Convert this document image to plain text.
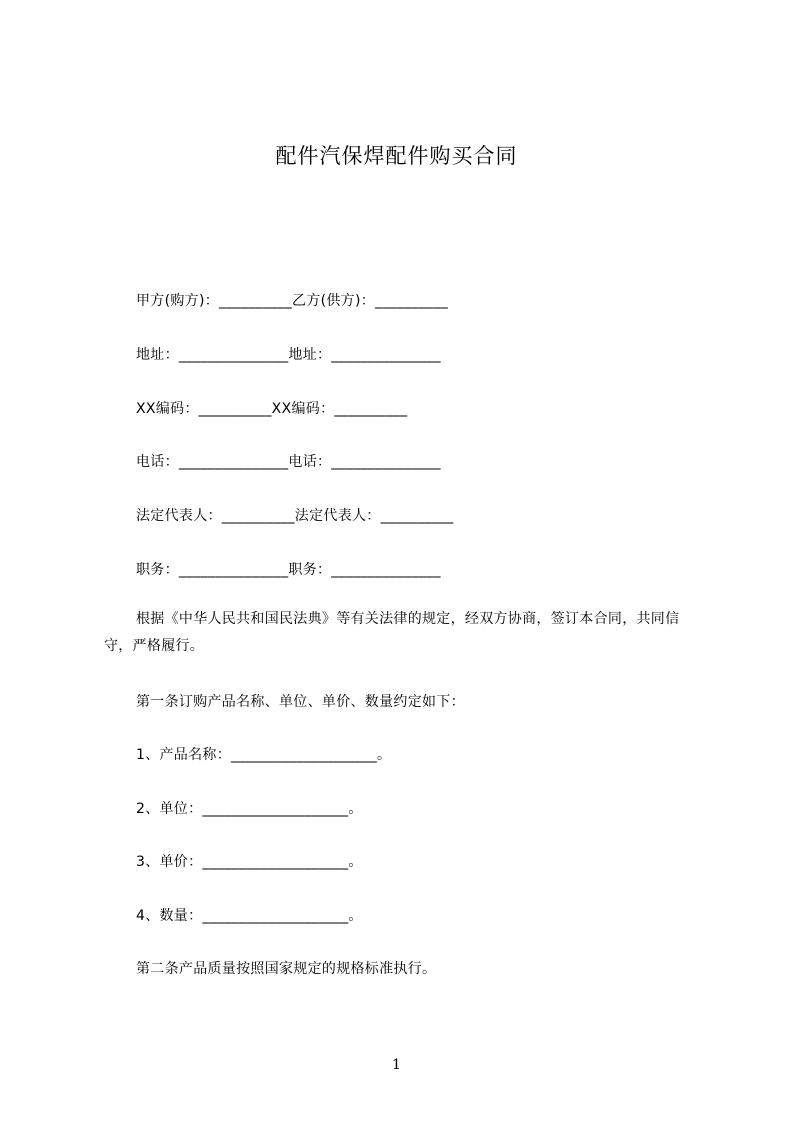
配件汽保焊配件购买合同
甲方(购方)：__________乙方(供方)：__________
地址：_______________地址：_______________
XX编码：__________XX编码：__________
电话：_______________电话：_______________
法定代表人：__________法定代表人：__________
职务：_______________职务：_______________
根据《中华人民共和国民法典》等有关法律的规定，经双方协商，签订本合同，共同信守，严格履行。
第一条订购产品名称、单位、单价、数量约定如下：
1、产品名称：____________________。
2、单位：____________________。
3、单价：____________________。
4、数量：____________________。
第二条产品质量按照国家规定的规格标准执行。
1
